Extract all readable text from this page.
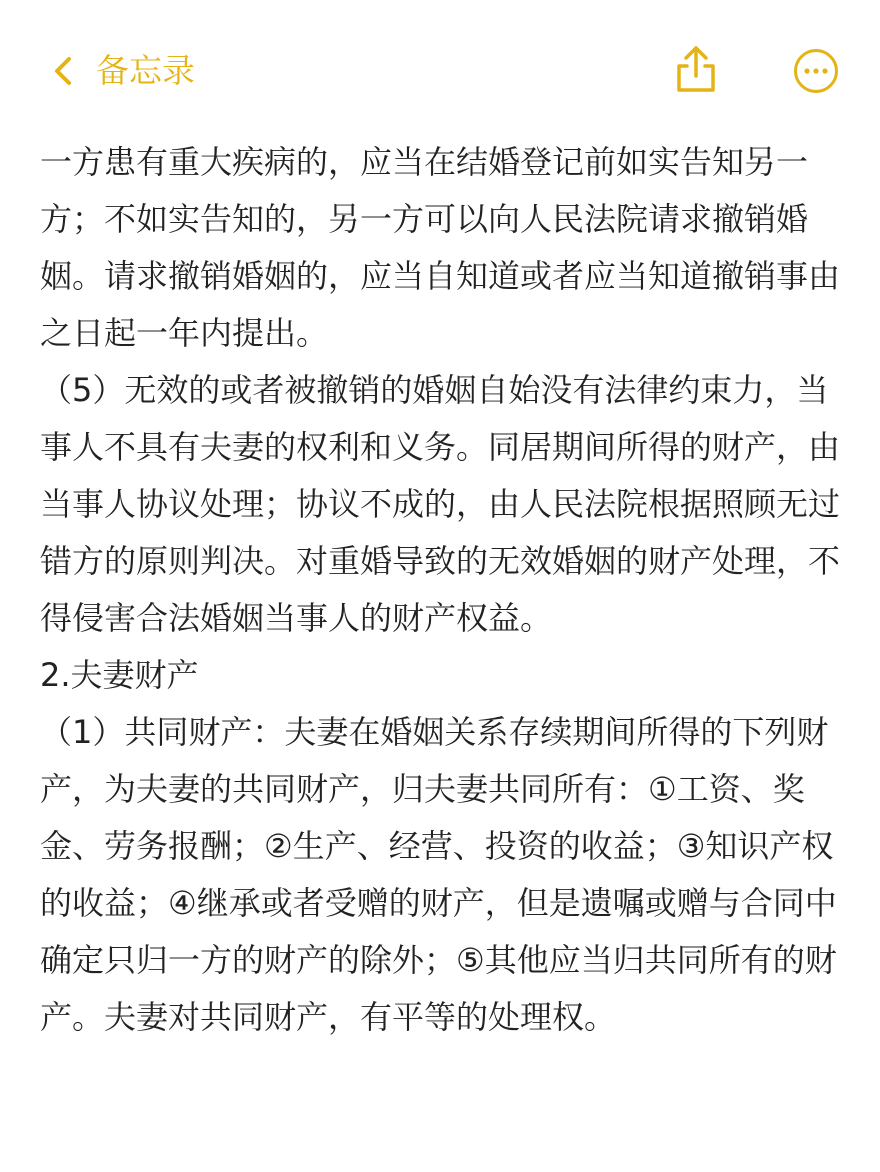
备忘录
一方患有重大疾病的，应当在结婚登记前如实告知另一
方；不如实告知的，另一方可以向人民法院请求撤销婚
姻。请求撤销婚姻的，应当自知道或者应当知道撤销事由
之日起一年内提出。
（5）无效的或者被撤销的婚姻自始没有法律约束力，当
事人不具有夫妻的权利和义务。同居期间所得的财产，由
当事人协议处理；协议不成的，由人民法院根据照顾无过
错方的原则判决。对重婚导致的无效婚姻的财产处理，不
得侵害合法婚姻当事人的财产权益。
2.夫妻财产
（1）共同财产：夫妻在婚姻关系存续期间所得的下列财
产，为夫妻的共同财产，归夫妻共同所有：①工资、奖
金、劳务报酬；②生产、经营、投资的收益；③知识产权
的收益；④继承或者受赠的财产，但是遗嘱或赠与合同中
确定只归一方的财产的除外；⑤其他应当归共同所有的财
产。夫妻对共同财产，有平等的处理权。
